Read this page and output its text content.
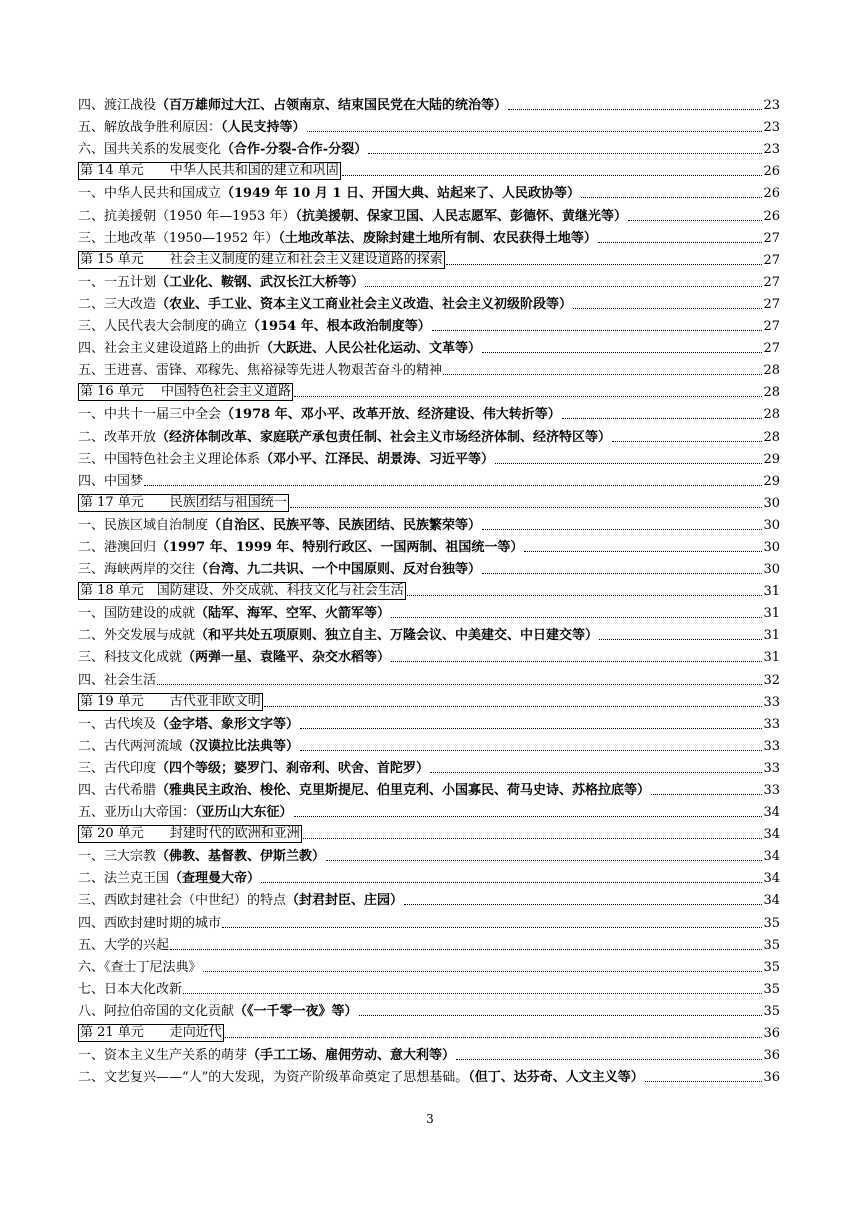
四、渡江战役（百万雄师过大江、占领南京、结束国民党在大陆的统治等）	23
五、解放战争胜利原因：（人民支持等）	23
六、国共关系的发展变化（合作-分裂-合作-分裂）	23
第 14 单元　　中华人民共和国的建立和巩固	26
一、中华人民共和国成立（1949 年 10 月 1 日、开国大典、站起来了、人民政协等）	26
二、抗美援朝（1950 年—1953 年）（抗美援朝、保家卫国、人民志愿军、彭德怀、黄继光等）	26
三、土地改革（1950—1952 年）（土地改革法、废除封建土地所有制、农民获得土地等）	27
第 15 单元　　社会主义制度的建立和社会主义建设道路的探索	27
一、一五计划（工业化、鞍钢、武汉长江大桥等）	27
二、三大改造（农业、手工业、资本主义工商业社会主义改造、社会主义初级阶段等）	27
三、人民代表大会制度的确立（1954 年、根本政治制度等）	27
四、社会主义建设道路上的曲折（大跃进、人民公社化运动、文革等）	27
五、王进喜、雷锋、邓稼先、焦裕禄等先进人物艰苦奋斗的精神	28
第 16 单元　 中国特色社会主义道路	28
一、中共十一届三中全会（1978 年、邓小平、改革开放、经济建设、伟大转折等）	28
二、改革开放（经济体制改革、家庭联产承包责任制、社会主义市场经济体制、经济特区等）	28
三、中国特色社会主义理论体系（邓小平、江泽民、胡景涛、习近平等）	29
四、中国梦	29
第 17 单元　　民族团结与祖国统一	30
一、民族区域自治制度（自治区、民族平等、民族团结、民族繁荣等）	30
二、港澳回归（1997 年、1999 年、特别行政区、一国两制、祖国统一等）	30
三、海峡两岸的交往（台湾、九二共识、一个中国原则、反对台独等）	30
第 18 单元　国防建设、外交成就、科技文化与社会生活	31
一、国防建设的成就（陆军、海军、空军、火箭军等）	31
二、外交发展与成就（和平共处五项原则、独立自主、万隆会议、中美建交、中日建交等）	31
三、科技文化成就（两弹一星、袁隆平、杂交水稻等）	31
四、社会生活	32
第 19 单元　　古代亚非欧文明	33
一、古代埃及（金字塔、象形文字等）	33
二、古代两河流域（汉谟拉比法典等）	33
三、古代印度（四个等级；婆罗门、刹帝利、吠舍、首陀罗）	33
四、古代希腊（雅典民主政治、梭伦、克里斯提尼、伯里克利、小国寡民、荷马史诗、苏格拉底等）	33
五、亚历山大帝国：（亚历山大东征）	34
第 20 单元　　封建时代的欧洲和亚洲	34
一、三大宗教（佛教、基督教、伊斯兰教）	34
二、法兰克王国（查理曼大帝）	34
三、西欧封建社会（中世纪）的特点（封君封臣、庄园）	34
四、西欧封建时期的城市	35
五、大学的兴起	35
六、《查士丁尼法典》	35
七、日本大化改新	35
八、阿拉伯帝国的文化贡献（《一千零一夜》等）	35
第 21 单元　　走向近代	36
一、资本主义生产关系的萌芽（手工工场、雇佣劳动、意大利等）	36
二、文艺复兴——“人”的大发现，为资产阶级革命奠定了思想基础。（但丁、达芬奇、人文主义等）	36
3
